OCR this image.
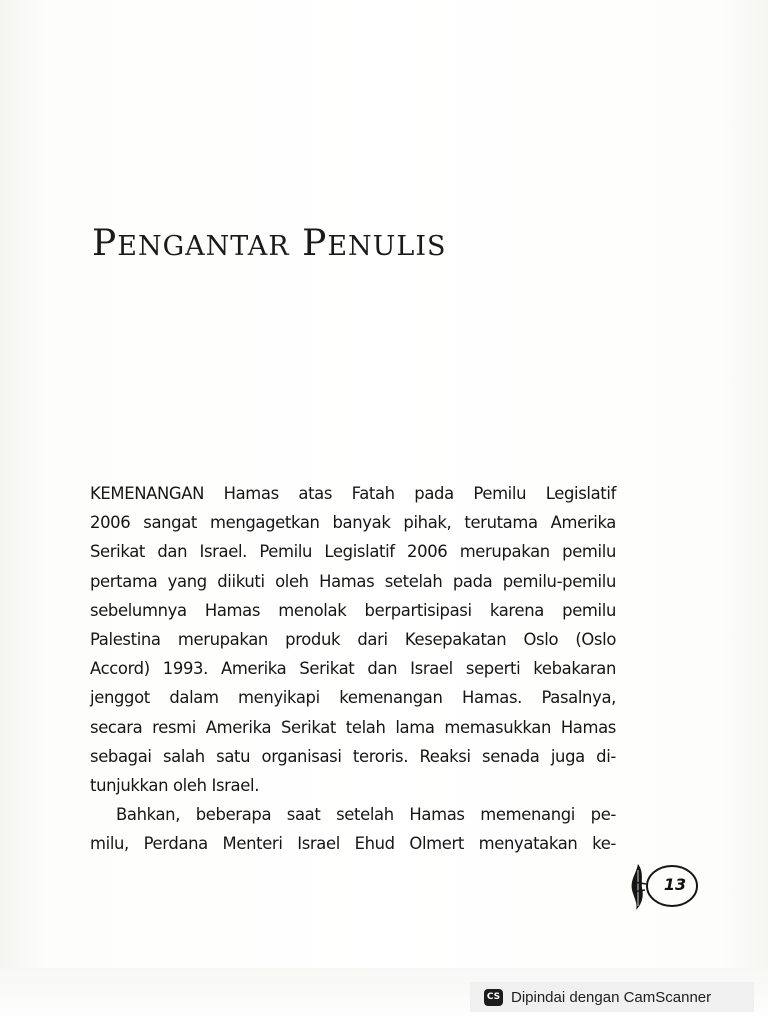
PENGANTAR PENULIS
KEMENANGAN Hamas atas Fatah pada Pemilu Legislatif
2006 sangat mengagetkan banyak pihak, terutama Amerika
Serikat dan Israel. Pemilu Legislatif 2006 merupakan pemilu
pertama yang diikuti oleh Hamas setelah pada pemilu-pemilu
sebelumnya Hamas menolak berpartisipasi karena pemilu
Palestina merupakan produk dari Kesepakatan Oslo (Oslo
Accord) 1993. Amerika Serikat dan Israel seperti kebakaran
jenggot dalam menyikapi kemenangan Hamas. Pasalnya,
secara resmi Amerika Serikat telah lama memasukkan Hamas
sebagai salah satu organisasi teroris. Reaksi senada juga di-
tunjukkan oleh Israel.
Bahkan, beberapa saat setelah Hamas memenangi pe-
milu, Perdana Menteri Israel Ehud Olmert menyatakan ke-
13
CS Dipindai dengan CamScanner
